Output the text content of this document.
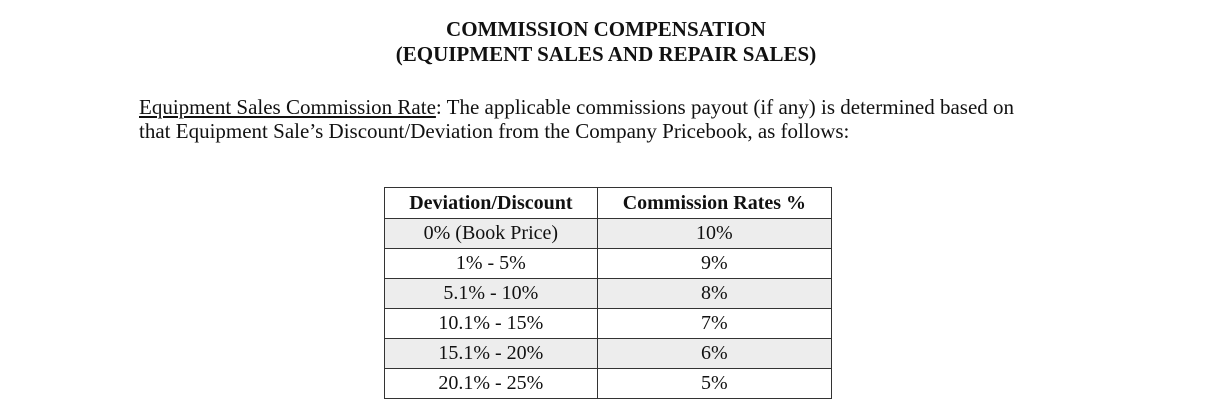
COMMISSION COMPENSATION
(EQUIPMENT SALES AND REPAIR SALES)
Equipment Sales Commission Rate: The applicable commissions payout (if any) is determined based on
that Equipment Sale’s Discount/Deviation from the Company Pricebook, as follows:
Deviation/Discount	Commission Rates %
0% (Book Price)	10%
1% - 5%	9%
5.1% - 10%	8%
10.1% - 15%	7%
15.1% - 20%	6%
20.1% - 25%	5%
